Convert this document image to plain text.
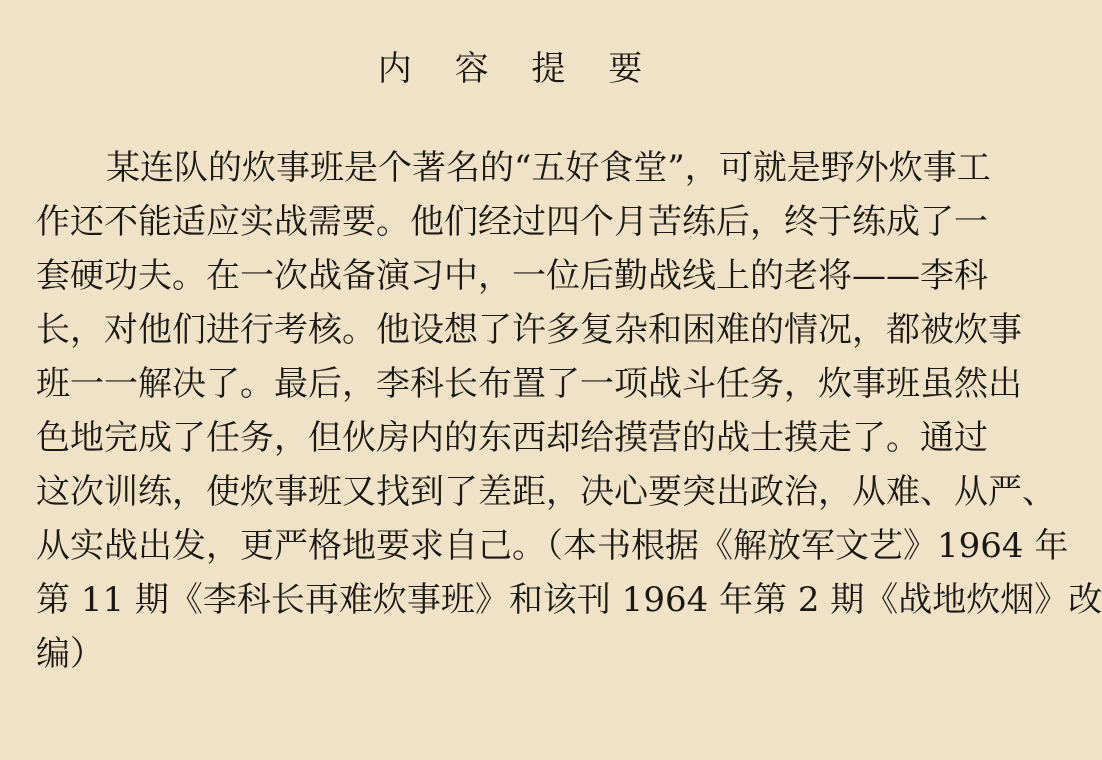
内 容 提 要
某连队的炊事班是个著名的“五好食堂”，可就是野外炊事工
作还不能适应实战需要。他们经过四个月苦练后，终于练成了一
套硬功夫。在一次战备演习中，一位后勤战线上的老将——李科
长，对他们进行考核。他设想了许多复杂和困难的情况，都被炊事
班一一解决了。最后，李科长布置了一项战斗任务，炊事班虽然出
色地完成了任务，但伙房内的东西却给摸营的战士摸走了。通过
这次训练，使炊事班又找到了差距，决心要突出政治，从难、从严、
从实战出发，更严格地要求自己。（本书根据《解放军文艺》1964 年
第 11 期《李科长再难炊事班》和该刊 1964 年第 2 期《战地炊烟》改
编）
